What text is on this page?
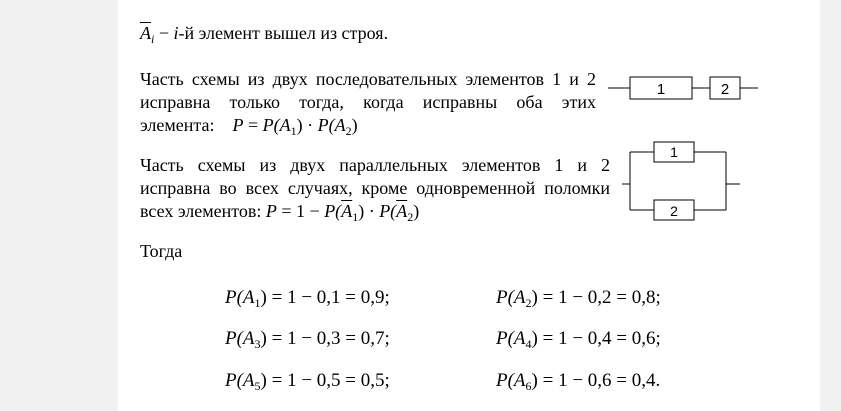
$\overline{A}_i - i-й$ элемент вышел из строя.
Часть схемы из двух последовательных элементов 1 и 2
исправна только тогда, когда исправны оба этих
элемента: $P = P(A_1) \cdot P(A_2)$
1	2
Часть схемы из двух параллельных элементов 1 и 2
исправна во всех случаях, кроме одновременной поломки
всех элементов: $P = 1 - P(\overline{A}_1) \cdot P(\overline{A}_2)$
1
2
Тогда
$P(A_1) = 1 - 0,1 = 0,9$;	$P(A_2) = 1 - 0,2 = 0,8$;
$P(A_3) = 1 - 0,3 = 0,7$;	$P(A_4) = 1 - 0,4 = 0,6$;
$P(A_5) = 1 - 0,5 = 0,5$;	$P(A_6) = 1 - 0,6 = 0,4$.
